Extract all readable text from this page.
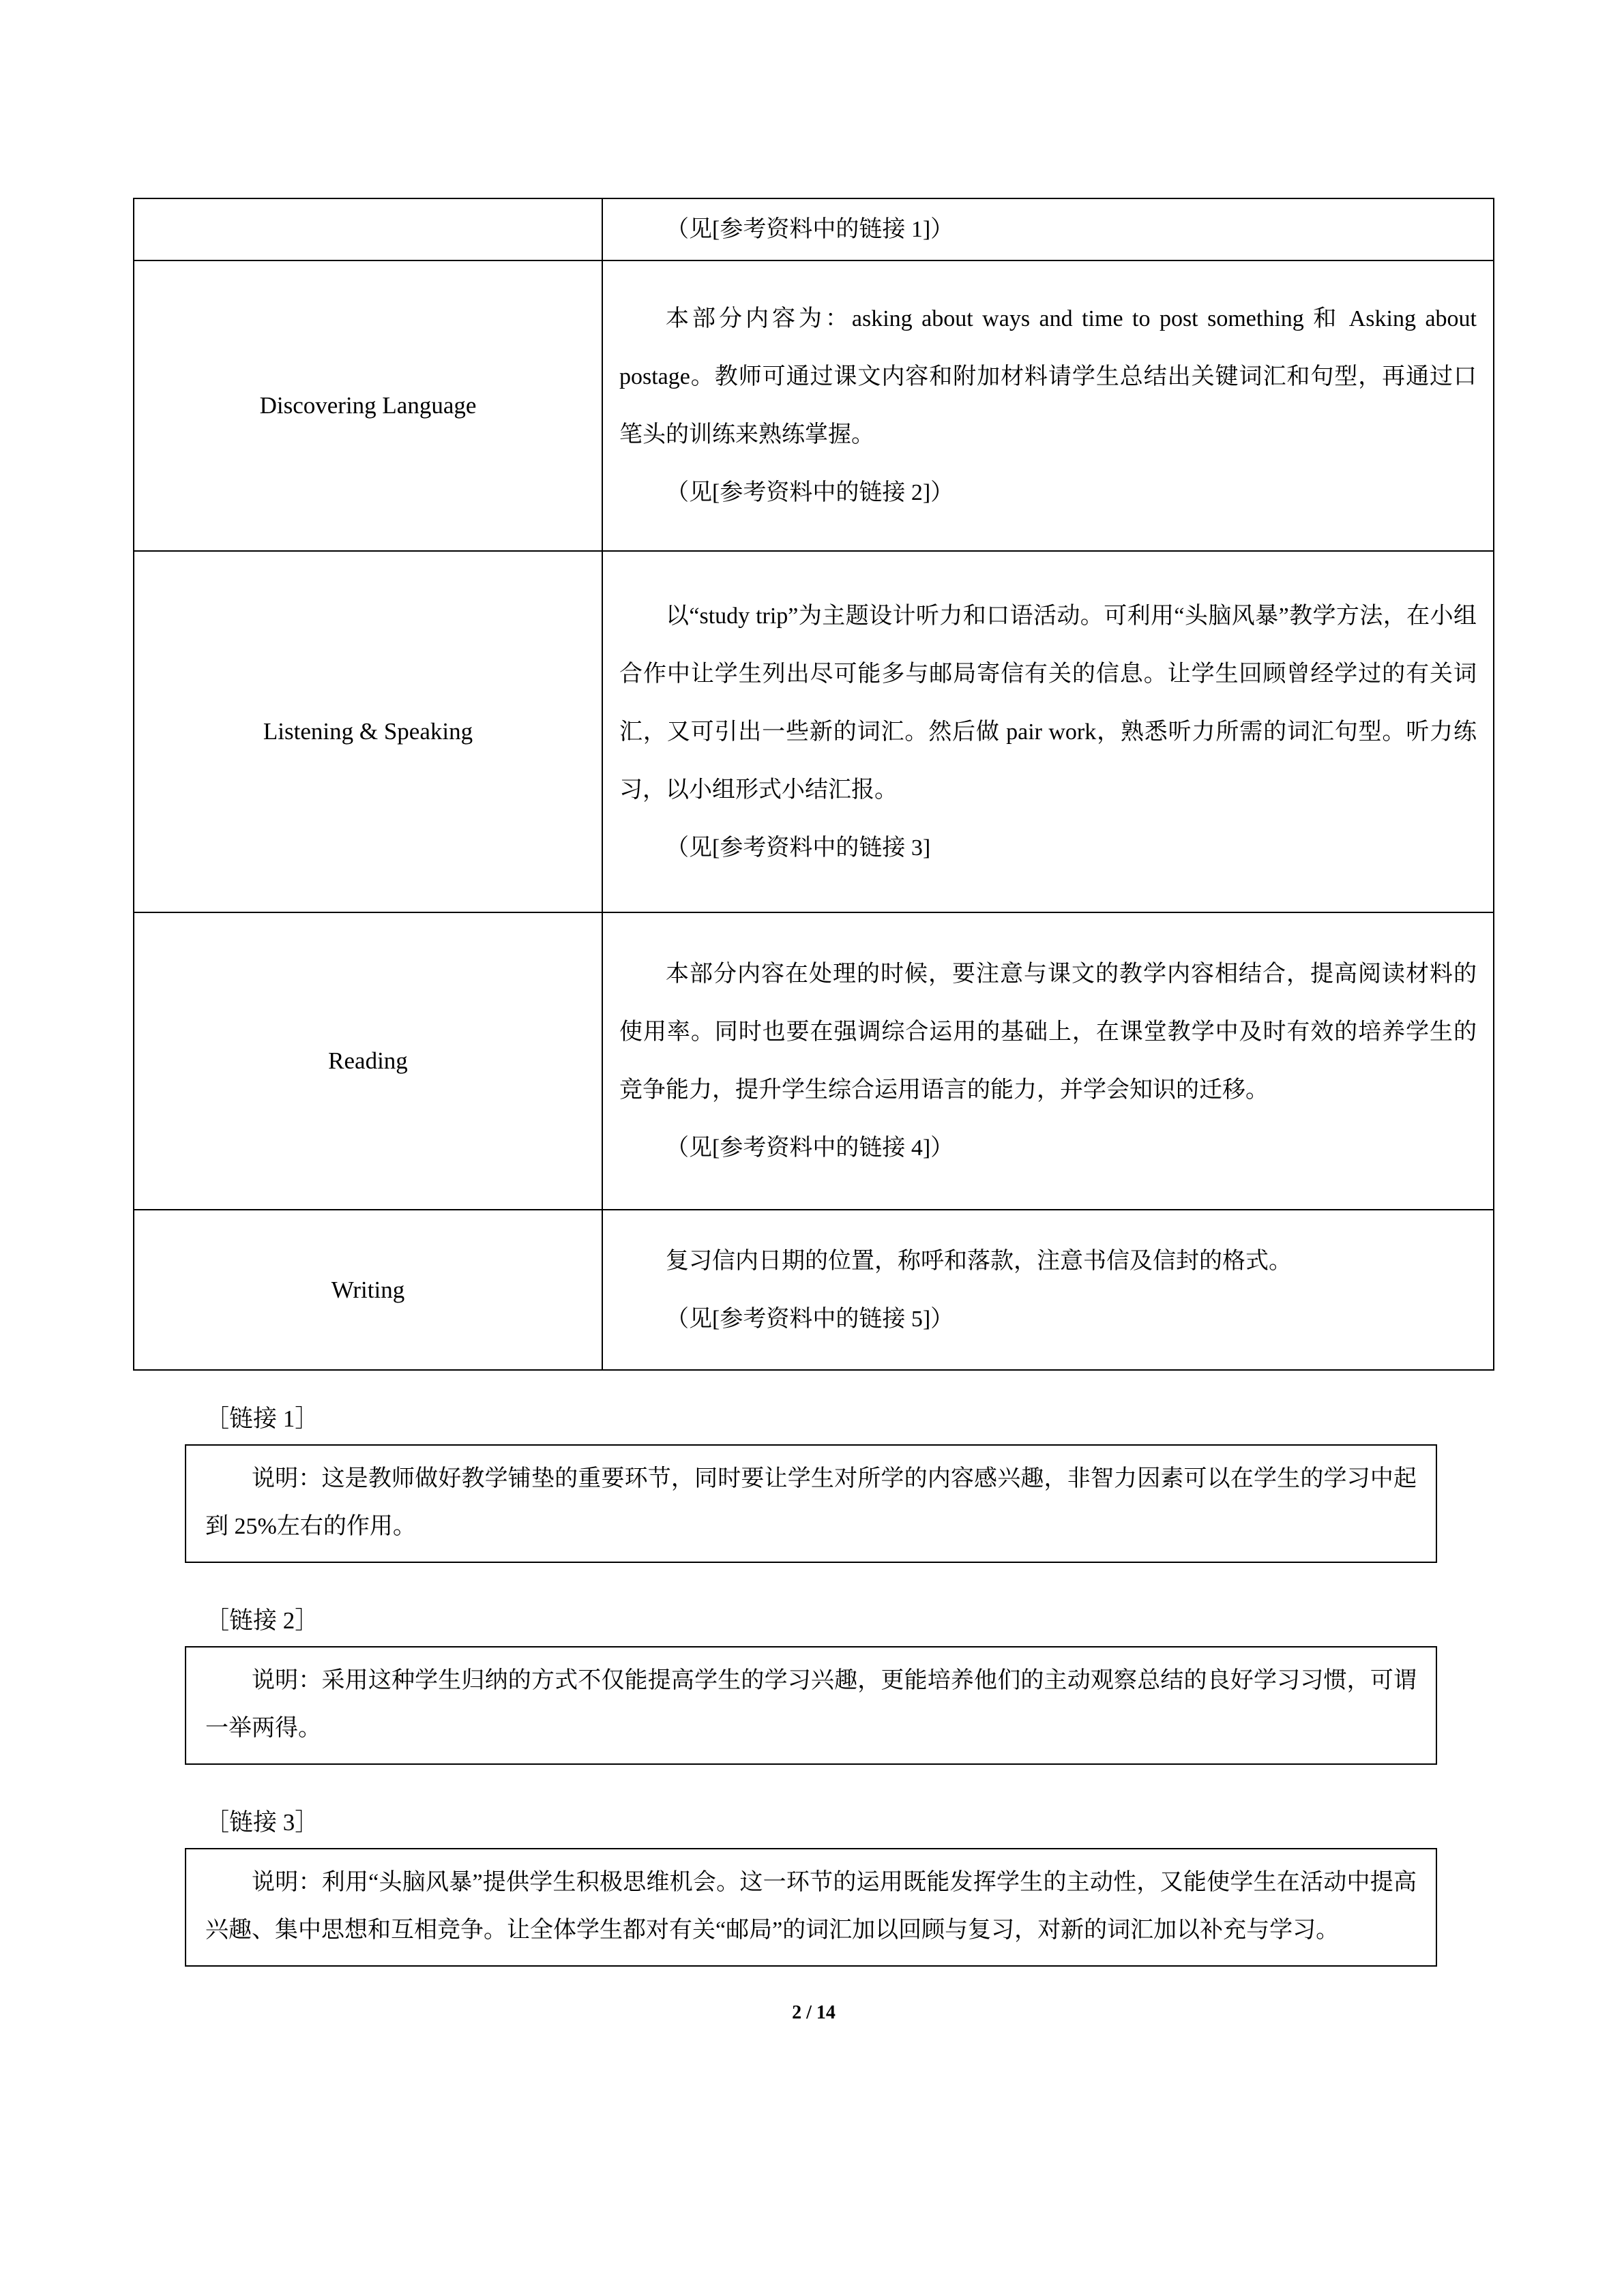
	（见[参考资料中的链接 1]）

Discovering Language	本部分内容为：asking about ways and time to post something 和 Asking about postage。教师可通过课文内容和附加材料请学生总结出关键词汇和句型，再通过口笔头的训练来熟练掌握。

（见[参考资料中的链接 2]）

Listening & Speaking	以“study trip”为主题设计听力和口语活动。可利用“头脑风暴”教学方法，在小组合作中让学生列出尽可能多与邮局寄信有关的信息。让学生回顾曾经学过的有关词汇，又可引出一些新的词汇。然后做 pair work，熟悉听力所需的词汇句型。听力练习，以小组形式小结汇报。

（见[参考资料中的链接 3]

Reading	本部分内容在处理的时候，要注意与课文的教学内容相结合，提高阅读材料的使用率。同时也要在强调综合运用的基础上，在课堂教学中及时有效的培养学生的竞争能力，提升学生综合运用语言的能力，并学会知识的迁移。

（见[参考资料中的链接 4]）

Writing	复习信内日期的位置，称呼和落款，注意书信及信封的格式。

（见[参考资料中的链接 5]）

［链接 1］

说明：这是教师做好教学铺垫的重要环节，同时要让学生对所学的内容感兴趣，非智力因素可以在学生的学习中起到 25%左右的作用。

［链接 2］

说明：采用这种学生归纳的方式不仅能提高学生的学习兴趣，更能培养他们的主动观察总结的良好学习习惯，可谓一举两得。

［链接 3］

说明：利用“头脑风暴”提供学生积极思维机会。这一环节的运用既能发挥学生的主动性，又能使学生在活动中提高兴趣、集中思想和互相竞争。让全体学生都对有关“邮局”的词汇加以回顾与复习，对新的词汇加以补充与学习。

2 / 14
